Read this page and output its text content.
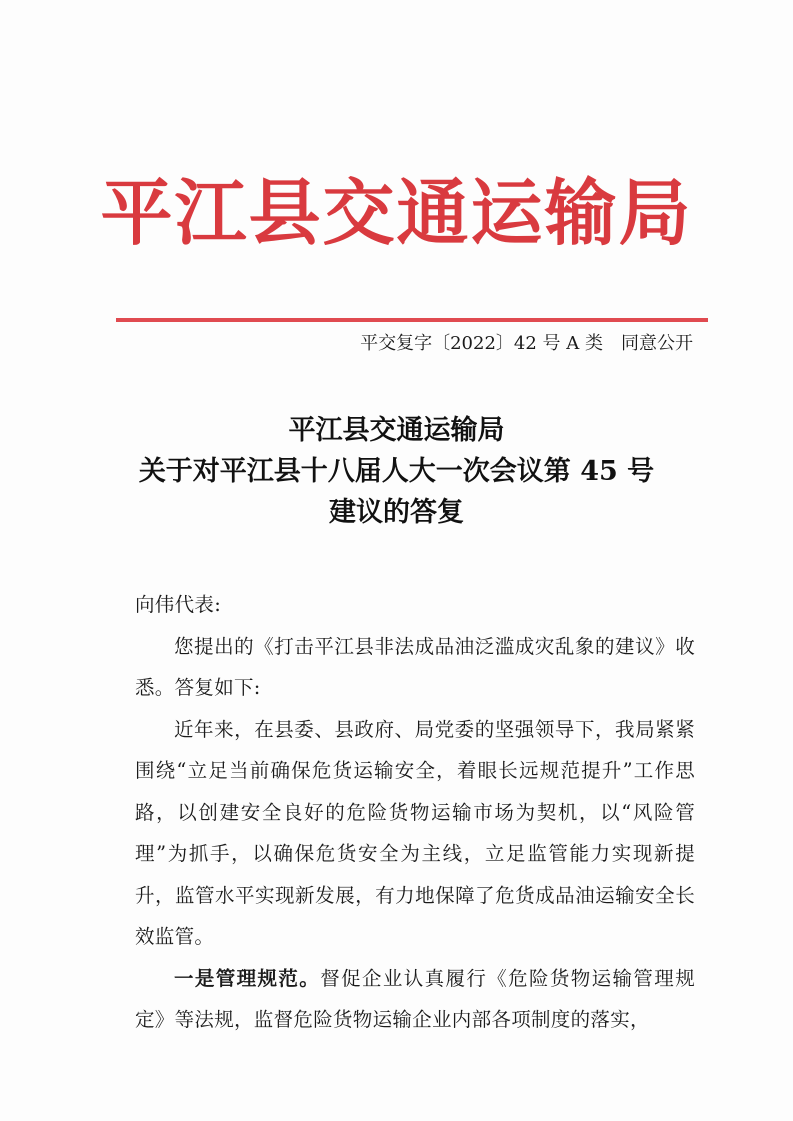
平江县交通运输局
平交复字〔2022〕42 号 A 类　同意公开
平江县交通运输局
关于对平江县十八届人大一次会议第 45 号
建议的答复

向伟代表:

您提出的《打击平江县非法成品油泛滥成灾乱象的建议》收悉。答复如下:

近年来，在县委、县政府、局党委的坚强领导下，我局紧紧围绕“立足当前确保危货运输安全，着眼长远规范提升”工作思路，以创建安全良好的危险货物运输市场为契机，以“风险管理”为抓手，以确保危货安全为主线，立足监管能力实现新提升，监管水平实现新发展，有力地保障了危货成品油运输安全长效监管。

一是管理规范。督促企业认真履行《危险货物运输管理规定》等法规，监督危险货物运输企业内部各项制度的落实，
